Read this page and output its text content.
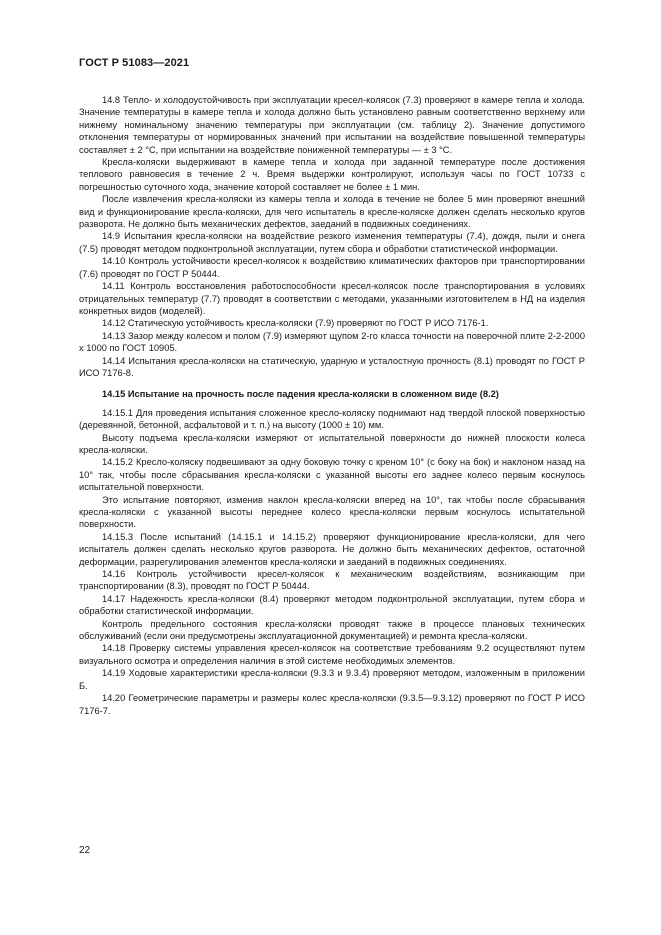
ГОСТ Р 51083—2021

14.8 Тепло- и холодоустойчивость при эксплуатации кресел-колясок (7.3) проверяют в камере тепла и холода. Значение температуры в камере тепла и холода должно быть установлено равным соответственно верхнему или нижнему номинальному значению температуры при эксплуатации (см. таблицу 2). Значение допустимого отклонения температуры от нормированных значений при испытании на воздействие повышенной температуры составляет ± 2 °С, при испытании на воздействие пониженной температуры — ± 3 °С.

Кресла-коляски выдерживают в камере тепла и холода при заданной температуре после достижения теплового равновесия в течение 2 ч. Время выдержки контролируют, используя часы по ГОСТ 10733 с погрешностью суточного хода, значение которой составляет не более ± 1 мин.

После извлечения кресла-коляски из камеры тепла и холода в течение не более 5 мин проверяют внешний вид и функционирование кресла-коляски, для чего испытатель в кресле-коляске должен сделать несколько кругов разворота. Не должно быть механических дефектов, заеданий в подвижных соединениях.

14.9 Испытания кресла-коляски на воздействие резкого изменения температуры (7.4), дождя, пыли и снега (7.5) проводят методом подконтрольной эксплуатации, путем сбора и обработки статистической информации.

14.10 Контроль устойчивости кресел-колясок к воздействию климатических факторов при транспортировании (7.6) проводят по ГОСТ Р 50444.

14.11 Контроль восстановления работоспособности кресел-колясок после транспортирования в условиях отрицательных температур (7.7) проводят в соответствии с методами, указанными изготовителем в НД на изделия конкретных видов (моделей).

14.12 Статическую устойчивость кресла-коляски (7.9) проверяют по ГОСТ Р ИСО 7176-1.

14.13 Зазор между колесом и полом (7.9) измеряют щупом 2-го класса точности на поверочной плите 2-2-2000 х 1000 по ГОСТ 10905.

14.14 Испытания кресла-коляски на статическую, ударную и усталостную прочность (8.1) проводят по ГОСТ Р ИСО 7176-8.

14.15 Испытание на прочность после падения кресла-коляски в сложенном виде (8.2)

14.15.1 Для проведения испытания сложенное кресло-коляску поднимают над твердой плоской поверхностью (деревянной, бетонной, асфальтовой и т. п.) на высоту (1000 ± 10) мм.

Высоту подъема кресла-коляски измеряют от испытательной поверхности до нижней плоскости колеса кресла-коляски.

14.15.2 Кресло-коляску подвешивают за одну боковую точку с креном 10° (с боку на бок) и наклоном назад на 10° так, чтобы после сбрасывания кресла-коляски с указанной высоты его заднее колесо первым коснулось испытательной поверхности.

Это испытание повторяют, изменив наклон кресла-коляски вперед на 10°, так чтобы после сбрасывания кресла-коляски с указанной высоты переднее колесо кресла-коляски первым коснулось испытательной поверхности.

14.15.3 После испытаний (14.15.1 и 14.15.2) проверяют функционирование кресла-коляски, для чего испытатель должен сделать несколько кругов разворота. Не должно быть механических дефектов, остаточной деформации, разрегулирования элементов кресла-коляски и заеданий в подвижных соединениях.

14.16 Контроль устойчивости кресел-колясок к механическим воздействиям, возникающим при транспортировании (8.3), проводят по ГОСТ Р 50444.

14.17 Надежность кресла-коляски (8.4) проверяют методом подконтрольной эксплуатации, путем сбора и обработки статистической информации.

Контроль предельного состояния кресла-коляски проводят также в процессе плановых технических обслуживаний (если они предусмотрены эксплуатационной документацией) и ремонта кресла-коляски.

14.18 Проверку системы управления кресел-колясок на соответствие требованиям 9.2 осуществляют путем визуального осмотра и определения наличия в этой системе необходимых элементов.

14.19 Ходовые характеристики кресла-коляски (9.3.3 и 9.3.4) проверяют методом, изложенным в приложении Б.

14.20 Геометрические параметры и размеры колес кресла-коляски (9.3.5—9.3.12) проверяют по ГОСТ Р ИСО 7176-7.

22
